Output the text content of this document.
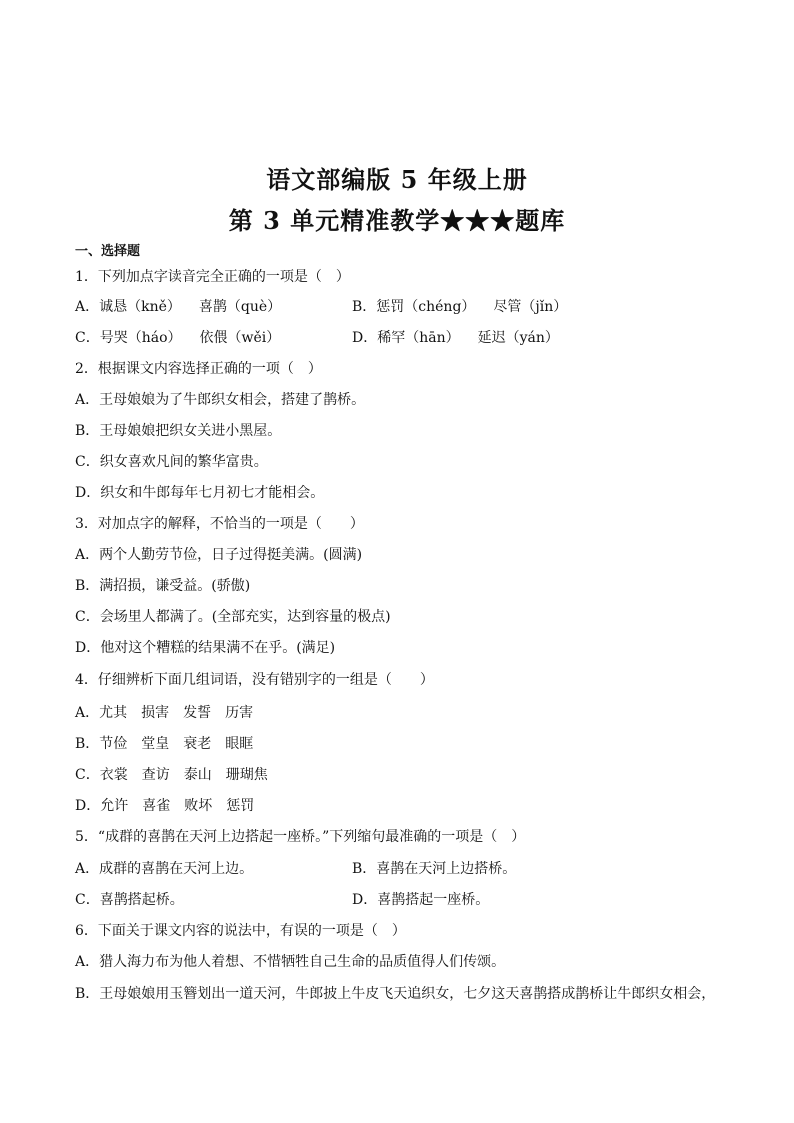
语文部编版 5 年级上册
第 3 单元精准教学★★★题库
一、选择题
1．下列加点字读音完全正确的一项是（　）
A．诚恳（kně） 喜鹊（què）	B．惩罚（chéng） 尽管（jǐn）
C．号哭（háo） 依偎（wěi）	D．稀罕（hān） 延迟（yán）
2．根据课文内容选择正确的一项（　）
A．王母娘娘为了牛郎织女相会，搭建了鹊桥。
B．王母娘娘把织女关进小黑屋。
C．织女喜欢凡间的繁华富贵。
D．织女和牛郎每年七月初七才能相会。
3．对加点字的解释，不恰当的一项是（　　）
A．两个人勤劳节俭，日子过得挺美满。(圆满)
B．满招损，谦受益。(骄傲)
C．会场里人都满了。(全部充实，达到容量的极点)
D．他对这个糟糕的结果满不在乎。(满足)
4．仔细辨析下面几组词语，没有错别字的一组是（　　）
A．尤其 损害 发誓 历害
B．节俭 堂皇 衰老 眼眶
C．衣裳 查访 泰山 珊瑚焦
D．允许 喜雀 败坏 惩罚
5．“成群的喜鹊在天河上边搭起一座桥。”下列缩句最准确的一项是（　）
A．成群的喜鹊在天河上边。	B．喜鹊在天河上边搭桥。
C．喜鹊搭起桥。	D．喜鹊搭起一座桥。
6．下面关于课文内容的说法中，有误的一项是（　）
A．猎人海力布为他人着想、不惜牺牲自己生命的品质值得人们传颂。
B．王母娘娘用玉簪划出一道天河，牛郎披上牛皮飞天追织女，七夕这天喜鹊搭成鹊桥让牛郎织女相会，
